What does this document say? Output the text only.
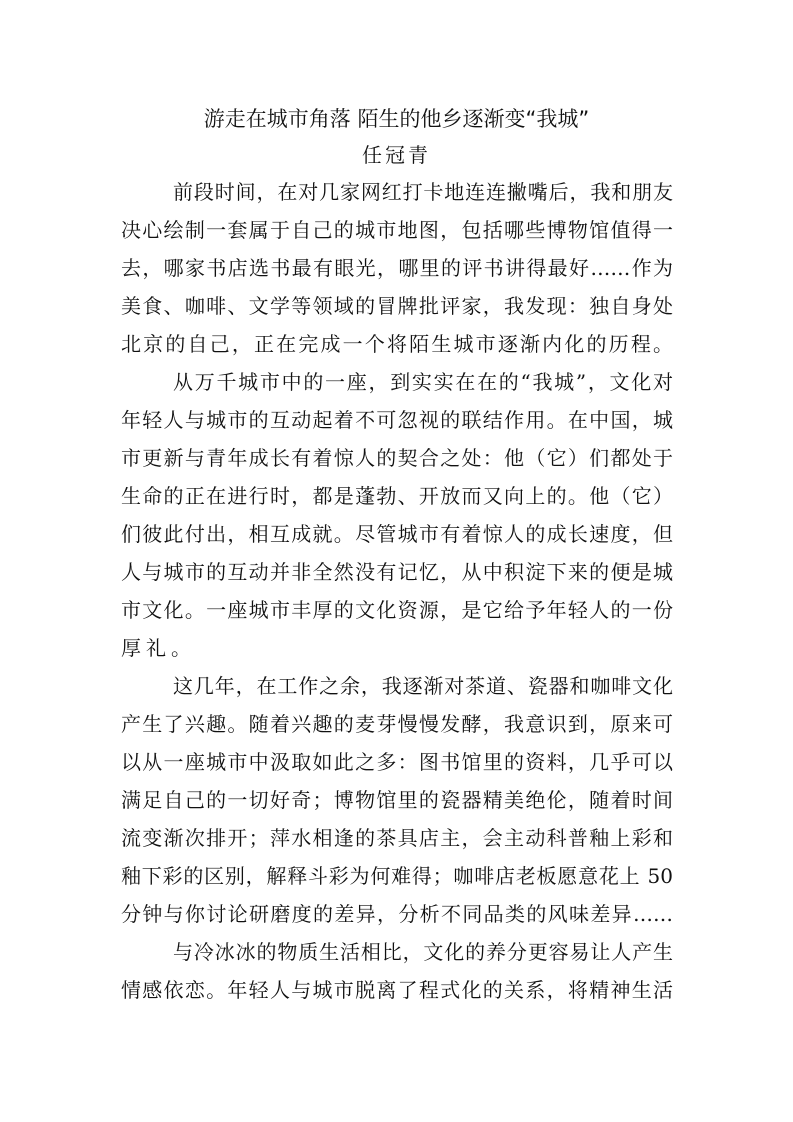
游走在城市角落 陌生的他乡逐渐变“我城”
任冠青
前段时间，在对几家网红打卡地连连撇嘴后，我和朋友
决心绘制一套属于自己的城市地图，包括哪些博物馆值得一
去，哪家书店选书最有眼光，哪里的评书讲得最好……作为
美食、咖啡、文学等领域的冒牌批评家，我发现：独自身处
北京的自己，正在完成一个将陌生城市逐渐内化的历程。
从万千城市中的一座，到实实在在的“我城”，文化对
年轻人与城市的互动起着不可忽视的联结作用。在中国，城
市更新与青年成长有着惊人的契合之处：他（它）们都处于
生命的正在进行时，都是蓬勃、开放而又向上的。他（它）
们彼此付出，相互成就。尽管城市有着惊人的成长速度，但
人与城市的互动并非全然没有记忆，从中积淀下来的便是城
市文化。一座城市丰厚的文化资源，是它给予年轻人的一份
厚礼。
这几年，在工作之余，我逐渐对茶道、瓷器和咖啡文化
产生了兴趣。随着兴趣的麦芽慢慢发酵，我意识到，原来可
以从一座城市中汲取如此之多：图书馆里的资料，几乎可以
满足自己的一切好奇；博物馆里的瓷器精美绝伦，随着时间
流变渐次排开；萍水相逢的茶具店主，会主动科普釉上彩和
釉下彩的区别，解释斗彩为何难得；咖啡店老板愿意花上 50
分钟与你讨论研磨度的差异，分析不同品类的风味差异……
与冷冰冰的物质生活相比，文化的养分更容易让人产生
情感依恋。年轻人与城市脱离了程式化的关系，将精神生活
